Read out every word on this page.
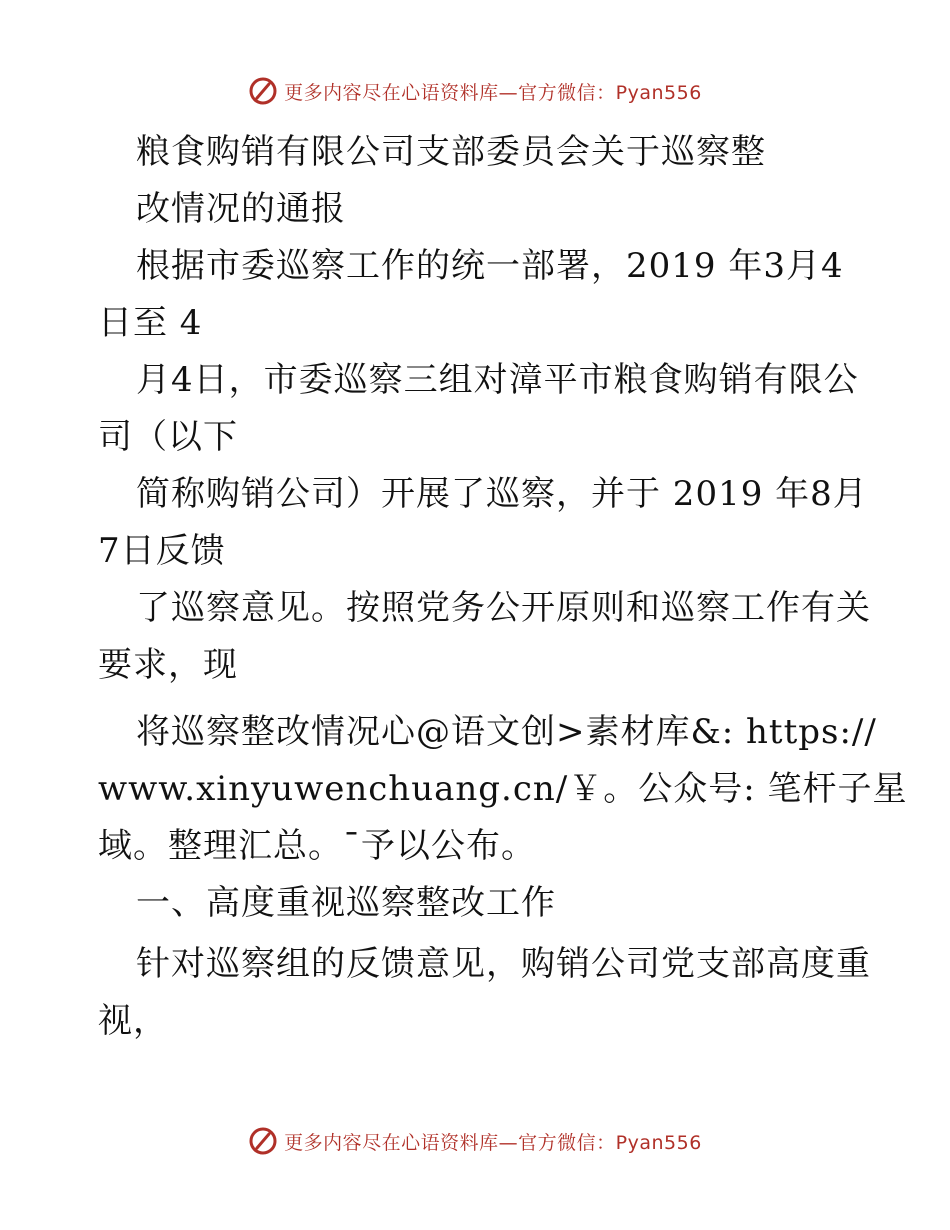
更多内容尽在心语资料库—官方微信：Pyan556
粮食购销有限公司支部委员会关于巡察整
改情况的通报
根据市委巡察工作的统一部署，2019 年3月4
日至 4
月4日，市委巡察三组对漳平市粮食购销有限公
司（以下
简称购销公司）开展了巡察，并于 2019 年8月
7日反馈
了巡察意见。按照党务公开原则和巡察工作有关
要求，现
将巡察整改情况心@语文创>素材库&: https://
www.xinyuwenchuang.cn/￥。公众号: 笔杆子星
域。整理汇总。¯予以公布。
一、高度重视巡察整改工作
针对巡察组的反馈意见，购销公司党支部高度重
视，
更多内容尽在心语资料库—官方微信：Pyan556
